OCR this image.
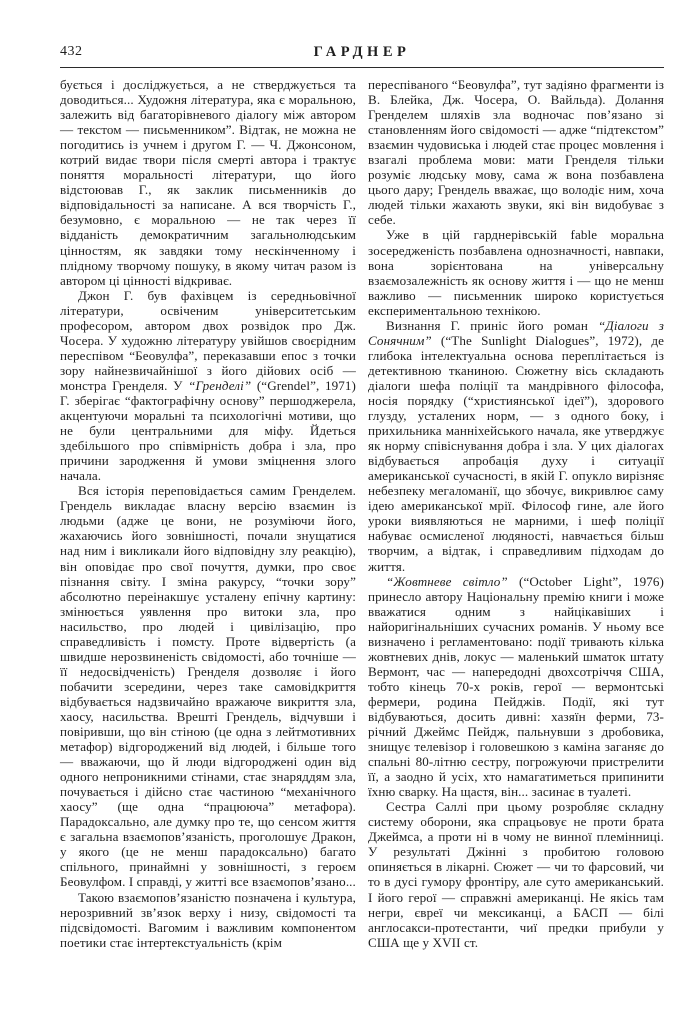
432	ГАРДНЕР

бується і досліджується, а не стверджується та доводиться... Художня література, яка є моральною, залежить від багаторівневого діалогу між автором — текстом — письменником”. Відтак, не можна не погодитись із учнем і другом Г. — Ч. Джонсоном, котрий видає твори після смерті автора і трактує поняття моральності літератури, що його відстоював Г., як заклик письменників до відповідальності за написане. А вся творчість Г., безумовно, є моральною — не так через її відданість демократичним загальнолюдським цінностям, як завдяки тому нескінченному і плідному творчому пошуку, в якому читач разом із автором ці цінності відкриває.

Джон Г. був фахівцем із середньовічної літератури, освіченим університетським професором, автором двох розвідок про Дж. Чосера. У художню літературу увійшов своєрідним переспівом “Беовулфа”, переказавши епос з точки зору найнезвичайнішої з його дійових осіб — монстра Гренделя. У “Гренделі” (“Grendel”, 1971) Г. зберігає “фактографічну основу” першоджерела, акцентуючи моральні та психологічні мотиви, що не були центральними для міфу. Йдеться здебільшого про співмірність добра і зла, про причини зародження й умови зміцнення злого начала.

Вся історія переповідається самим Гренделем. Грендель викладає власну версію взаємин із людьми (адже це вони, не розуміючи його, жахаючись його зовнішності, почали знущатися над ним і викликали його відповідну злу реакцію), він оповідає про свої почуття, думки, про своє пізнання світу. І зміна ракурсу, “точки зору” абсолютно переінакшує усталену епічну картину: змінюється уявлення про витоки зла, про насильство, про людей і цивілізацію, про справедливість і помсту. Проте відвертість (а швидше нерозвиненість свідомості, або точніше — її недосвідченість) Гренделя дозволяє і його побачити зсередини, через таке самовідкриття відбувається надзвичайно вражаюче викриття зла, хаосу, насильства. Врешті Грендель, відчувши і повіривши, що він стіною (це одна з лейтмотивних метафор) відгороджений від людей, і більше того — вважаючи, що й люди відгороджені один від одного непроникними стінами, стає знаряддям зла, почувається і дійсно стає частиною “механічного хаосу” (ще одна “працююча” метафора). Парадоксально, але думку про те, що сенсом життя є загальна взаємопов’язаність, проголошує Дракон, у якого (це не менш парадоксально) багато спільного, принаймні у зовнішності, з героєм Беовулфом. І справді, у житті все взаємопов’язано...

Такою взаємопов’язаністю позначена і культура, нерозривний зв’язок верху і низу, свідомості та підсвідомості. Вагомим і важливим компонентом поетики стає інтертекстуальність (крім

переспіваного “Беовулфа”, тут задіяно фрагменти із В. Блейка, Дж. Чосера, О. Вайльда). Долання Гренделем шляхів зла водночас пов’язано зі становленням його свідомості — адже “підтекстом” взаємин чудовиська і людей стає процес мовлення і взагалі проблема мови: мати Гренделя тільки розуміє людську мову, сама ж вона позбавлена цього дару; Грендель вважає, що володіє ним, хоча людей тільки жахають звуки, які він видобуває з себе.

Уже в цій гарднерівській fable моральна зосередженість позбавлена однозначності, навпаки, вона зорієнтована на універсальну взаємозалежність як основу життя і — що не менш важливо — письменник широко користується експериментальною технікою.

Визнання Г. приніс його роман “Діалоги з Сонячним” (“The Sunlight Dialogues”, 1972), де глибока інтелектуальна основа переплітається із детективною тканиною. Сюжетну вісь складають діалоги шефа поліції та мандрівного філософа, носія порядку (“християнської ідеї”), здорового глузду, усталених норм, — з одного боку, і прихильника манніхейського начала, яке утверджує як норму співіснування добра і зла. У цих діалогах відбувається апробація духу і ситуації американської сучасності, в якій Г. опукло вирізняє небезпеку мегаломанії, що збочує, викривлює саму ідею американської мрії. Філософ гине, але його уроки виявляються не марними, і шеф поліції набуває осмисленої людяності, навчається більш творчим, а відтак, і справедливим підходам до життя.

“Жовтневе світло” (“October Light”, 1976) принесло автору Національну премію книги і може вважатися одним з найцікавіших і найоригінальніших сучасних романів. У ньому все визначено і регламентовано: події тривають кілька жовтневих днів, локус — маленький шматок штату Вермонт, час — напередодні двохсотріччя США, тобто кінець 70-х років, герої — вермонтські фермери, родина Пейджів. Події, які тут відбуваються, досить дивні: хазяїн ферми, 73-річний Джеймс Пейдж, пальнувши з дробовика, знищує телевізор і головешкою з каміна заганяє до спальні 80-літню сестру, погрожуючи пристрелити її, а заодно й усіх, хто намагатиметься припинити їхню сварку. На щастя, він... засинає в туалеті.

Сестра Саллі при цьому розробляє складну систему оборони, яка спрацьовує не проти брата Джеймса, а проти ні в чому не винної племінниці. У результаті Джінні з пробитою головою опиняється в лікарні. Сюжет — чи то фарсовий, чи то в дусі гумору фронтіру, але суто американський. І його герої — справжні американці. Не якісь там негри, євреї чи мексиканці, а БАСП — білі англосакси-протестанти, чиї предки прибули у США ще у XVII ст.
